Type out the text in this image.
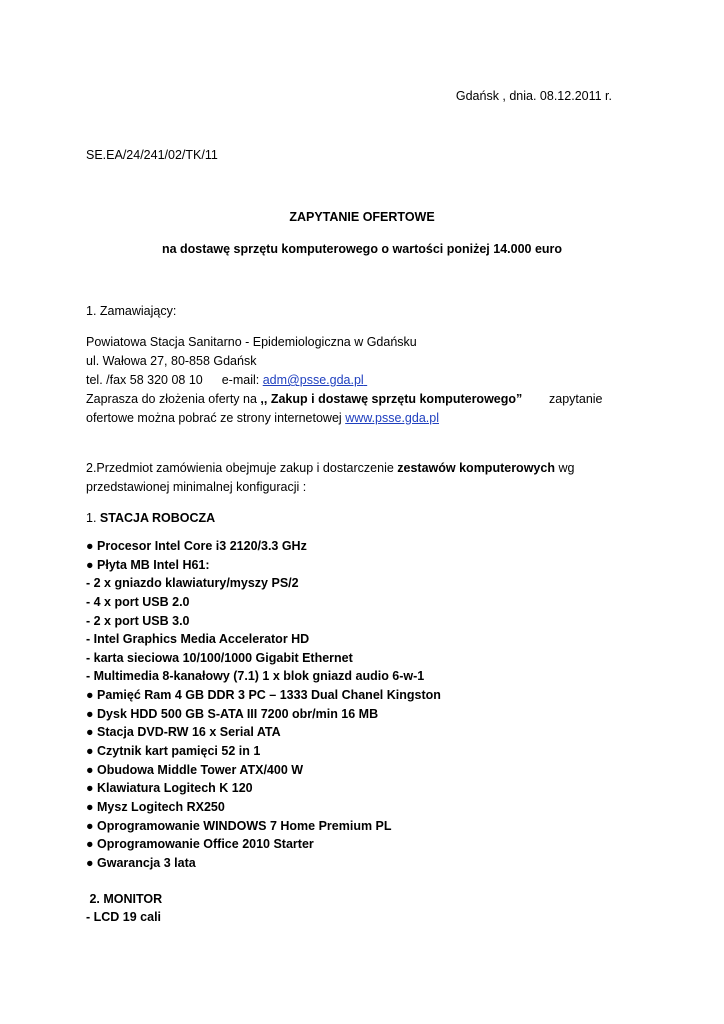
Gdańsk , dnia. 08.12.2011 r.
SE.EA/24/241/02/TK/11
ZAPYTANIE OFERTOWE
na dostawę sprzętu komputerowego o wartości poniżej 14.000 euro
1. Zamawiający:
Powiatowa Stacja Sanitarno - Epidemiologiczna w Gdańsku
ul. Wałowa 27, 80-858 Gdańsk
tel. /fax 58 320 08 10 e-mail: adm@psse.gda.pl
Zaprasza do złożenia oferty na ,, Zakup i dostawę sprzętu komputerowego” zapytanie
ofertowe można pobrać ze strony internetowej www.psse.gda.pl
2.Przedmiot zamówienia obejmuje zakup i dostarczenie zestawów komputerowych wg
przedstawionej minimalnej konfiguracji :
1. STACJA ROBOCZA
● Procesor Intel Core i3 2120/3.3 GHz
● Płyta MB Intel H61:
- 2 x gniazdo klawiatury/myszy PS/2
- 4 x port USB 2.0
- 2 x port USB 3.0
- Intel Graphics Media Accelerator HD
- karta sieciowa 10/100/1000 Gigabit Ethernet
- Multimedia 8-kanałowy (7.1) 1 x blok gniazd audio 6-w-1
● Pamięć Ram 4 GB DDR 3 PC – 1333 Dual Chanel Kingston
● Dysk HDD 500 GB S-ATA III 7200 obr/min 16 MB
● Stacja DVD-RW 16 x Serial ATA
● Czytnik kart pamięci 52 in 1
● Obudowa Middle Tower ATX/400 W
● Klawiatura Logitech K 120
● Mysz Logitech RX250
● Oprogramowanie WINDOWS 7 Home Premium PL
● Oprogramowanie Office 2010 Starter
● Gwarancja 3 lata
2. MONITOR
- LCD 19 cali
